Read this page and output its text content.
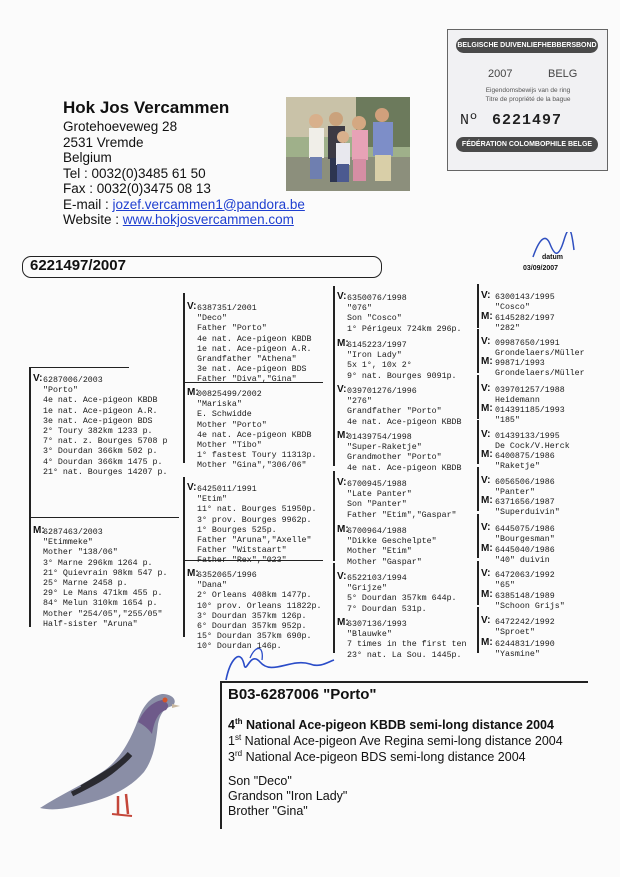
Hok Jos Vercammen
Grotehoeveweg 28
2531 Vremde
Belgium
Tel : 0032(0)3485 61 50
Fax : 0032(0)3475 08 13
E-mail : jozef.vercammen1@pandora.be
Website : www.hokjosvercammen.com
BELGISCHE DUIVENLIEFHEBBERSBOND
2007	BELG
Eigendomsbewijs van de ring
Titre de propriété de la bague
Nº 6221497
FÉDÉRATION COLOMBOPHILE BELGE
6221497/2007	datum
03/09/2007
V: 6287006/2003
"Porto"
4e nat. Ace-pigeon KBDB
1e nat. Ace-pigeon A.R.
3e nat. Ace-pigeon BDS
2° Toury 382km 1233 p.
7° nat. z. Bourges 5708 p
3° Dourdan 366km 502 p.
4° Dourdan 366km 1475 p.
21° nat. Bourges 14207 p.
M:
6287463/2003
"Etimmeke"
Mother "138/06"
3° Marne 296km 1264 p.
21° Quievrain 98km 547 p.
25° Marne 2458 p.
29° Le Mans 471km 455 p.
84° Melun 310km 1654 p.
Mother "254/05","255/05"
Half-sister "Aruna"
V: 6387351/2001
"Deco"
Father "Porto"
4e nat. Ace-pigeon KBDB
1e nat. Ace-pigeon A.R.
Grandfather "Athena"
3e nat. Ace-pigeon BDS
Father "Diva","Gina"
M:
00825499/2002
"Mariska"
E. Schwidde
Mother "Porto"
4e nat. Ace-pigeon KBDB
Mother "Tibo"
1° fastest Toury 11313p.
Mother "Gina","306/06"
V: 6425011/1991
"Etim"
11° nat. Bourges 51950p.
3° prov. Bourges 9962p.
1° Bourges 525p.
Father "Aruna","Axelle"
Father "Witstaart"
Father "Rex","023"
M:
6352065/1996
"Dana"
2° Orleans 408km 1477p.
10° prov. Orleans 11822p.
3° Dourdan 357km 126p.
6° Dourdan 357km 952p.
15° Dourdan 357km 690p.
10° Dourdan 146p.
V: 6350076/1998
"076"
Son "Cosco"
1° Périgeux 724km 296p.
M:
6145223/1997
"Iron Lady"
5x 1°, 10x 2°
9° nat. Bourges 9091p.
V: 039701276/1996
"276"
Grandfather "Porto"
4e nat. Ace-pigeon KBDB
M:
01439754/1998
"Super-Raketje"
Grandmother "Porto"
4e nat. Ace-pigeon KBDB
V: 6700945/1988
"Late Panter"
Son "Panter"
Father "Etim","Gaspar"
M:
6700964/1988
"Dikke Geschelpte"
Mother "Etim"
Mother "Gaspar"
V: 6522103/1994
"Grijze"
5° Dourdan 357km 644p.
7° Dourdan 531p.
M:
6307136/1993
"Blauwke"
7 times in the first ten
23° nat. La Sou. 1445p.
V: 6300143/1995
"Cosco"
M: 6145282/1997
"282"
V: 09987650/1991
Grondelaers/Müller
M: 99871/1993
Grondelaers/Müller
V: 039701257/1988
Heidemann
M: 014391185/1993
"185"
V: 01439133/1995
De Cock/V.Herck
M: 6400875/1986
"Raketje"
V: 6056506/1986
"Panter"
M: 6371656/1987
"Superduivin"
V: 6445075/1986
"Bourgesman"
M: 6445040/1986
"40" duivin
V: 6472063/1992
"65"
M: 6385148/1989
"Schoon Grijs"
V: 6472242/1992
"Sproet"
M: 6244831/1990
"Yasmine"
B03-6287006 "Porto"
4th National Ace-pigeon KBDB semi-long distance 2004
1st National Ace-pigeon Ave Regina semi-long distance 2004
3rd National Ace-pigeon BDS semi-long distance 2004
Son "Deco"
Grandson "Iron Lady"
Brother "Gina"
